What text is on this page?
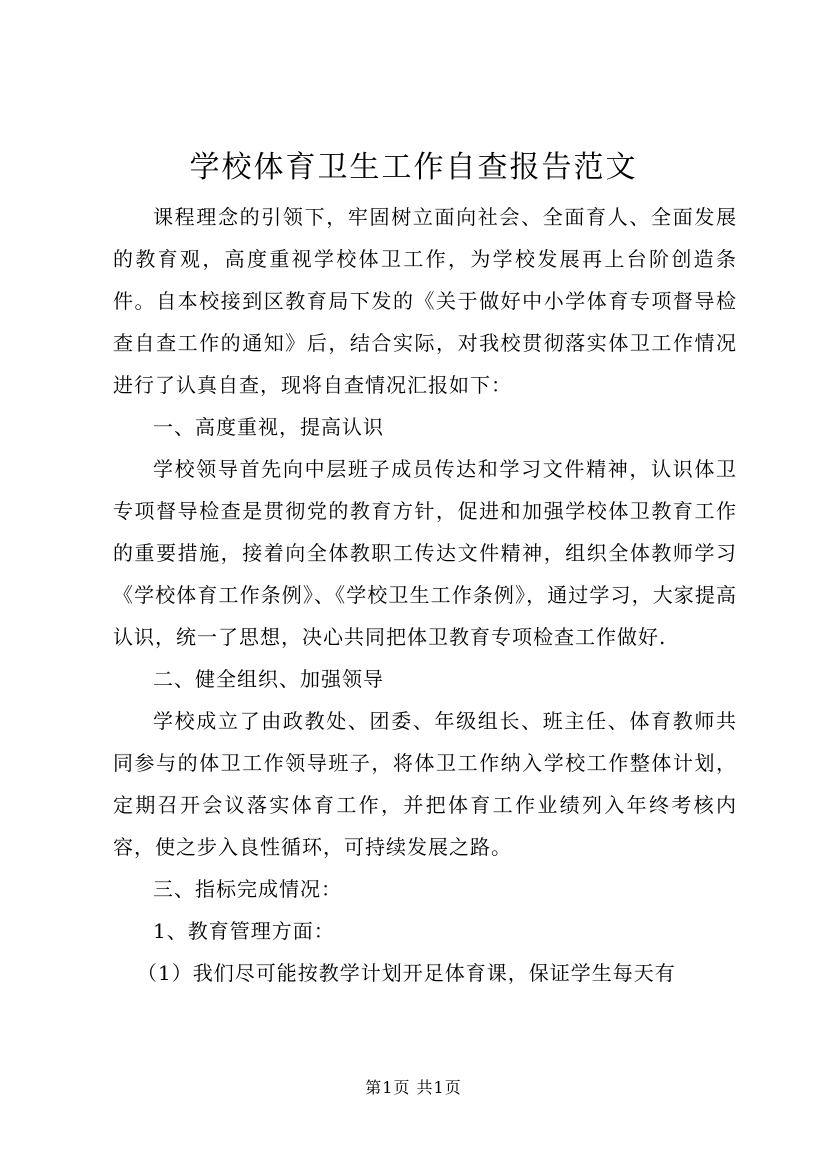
学校体育卫生工作自查报告范文

课程理念的引领下，牢固树立面向社会、全面育人、全面发展的教育观，高度重视学校体卫工作，为学校发展再上台阶创造条件。自本校接到区教育局下发的《关于做好中小学体育专项督导检查自查工作的通知》后，结合实际，对我校贯彻落实体卫工作情况进行了认真自查，现将自查情况汇报如下：

一、高度重视，提高认识

学校领导首先向中层班子成员传达和学习文件精神，认识体卫专项督导检查是贯彻党的教育方针，促进和加强学校体卫教育工作的重要措施，接着向全体教职工传达文件精神，组织全体教师学习《学校体育工作条例》、《学校卫生工作条例》，通过学习，大家提高认识，统一了思想，决心共同把体卫教育专项检查工作做好.

二、健全组织、加强领导

学校成立了由政教处、团委、年级组长、班主任、体育教师共同参与的体卫工作领导班子，将体卫工作纳入学校工作整体计划，定期召开会议落实体育工作，并把体育工作业绩列入年终考核内容，使之步入良性循环，可持续发展之路。

三、指标完成情况：

1、教育管理方面：

（1）我们尽可能按教学计划开足体育课，保证学生每天有

第1页 共1页
